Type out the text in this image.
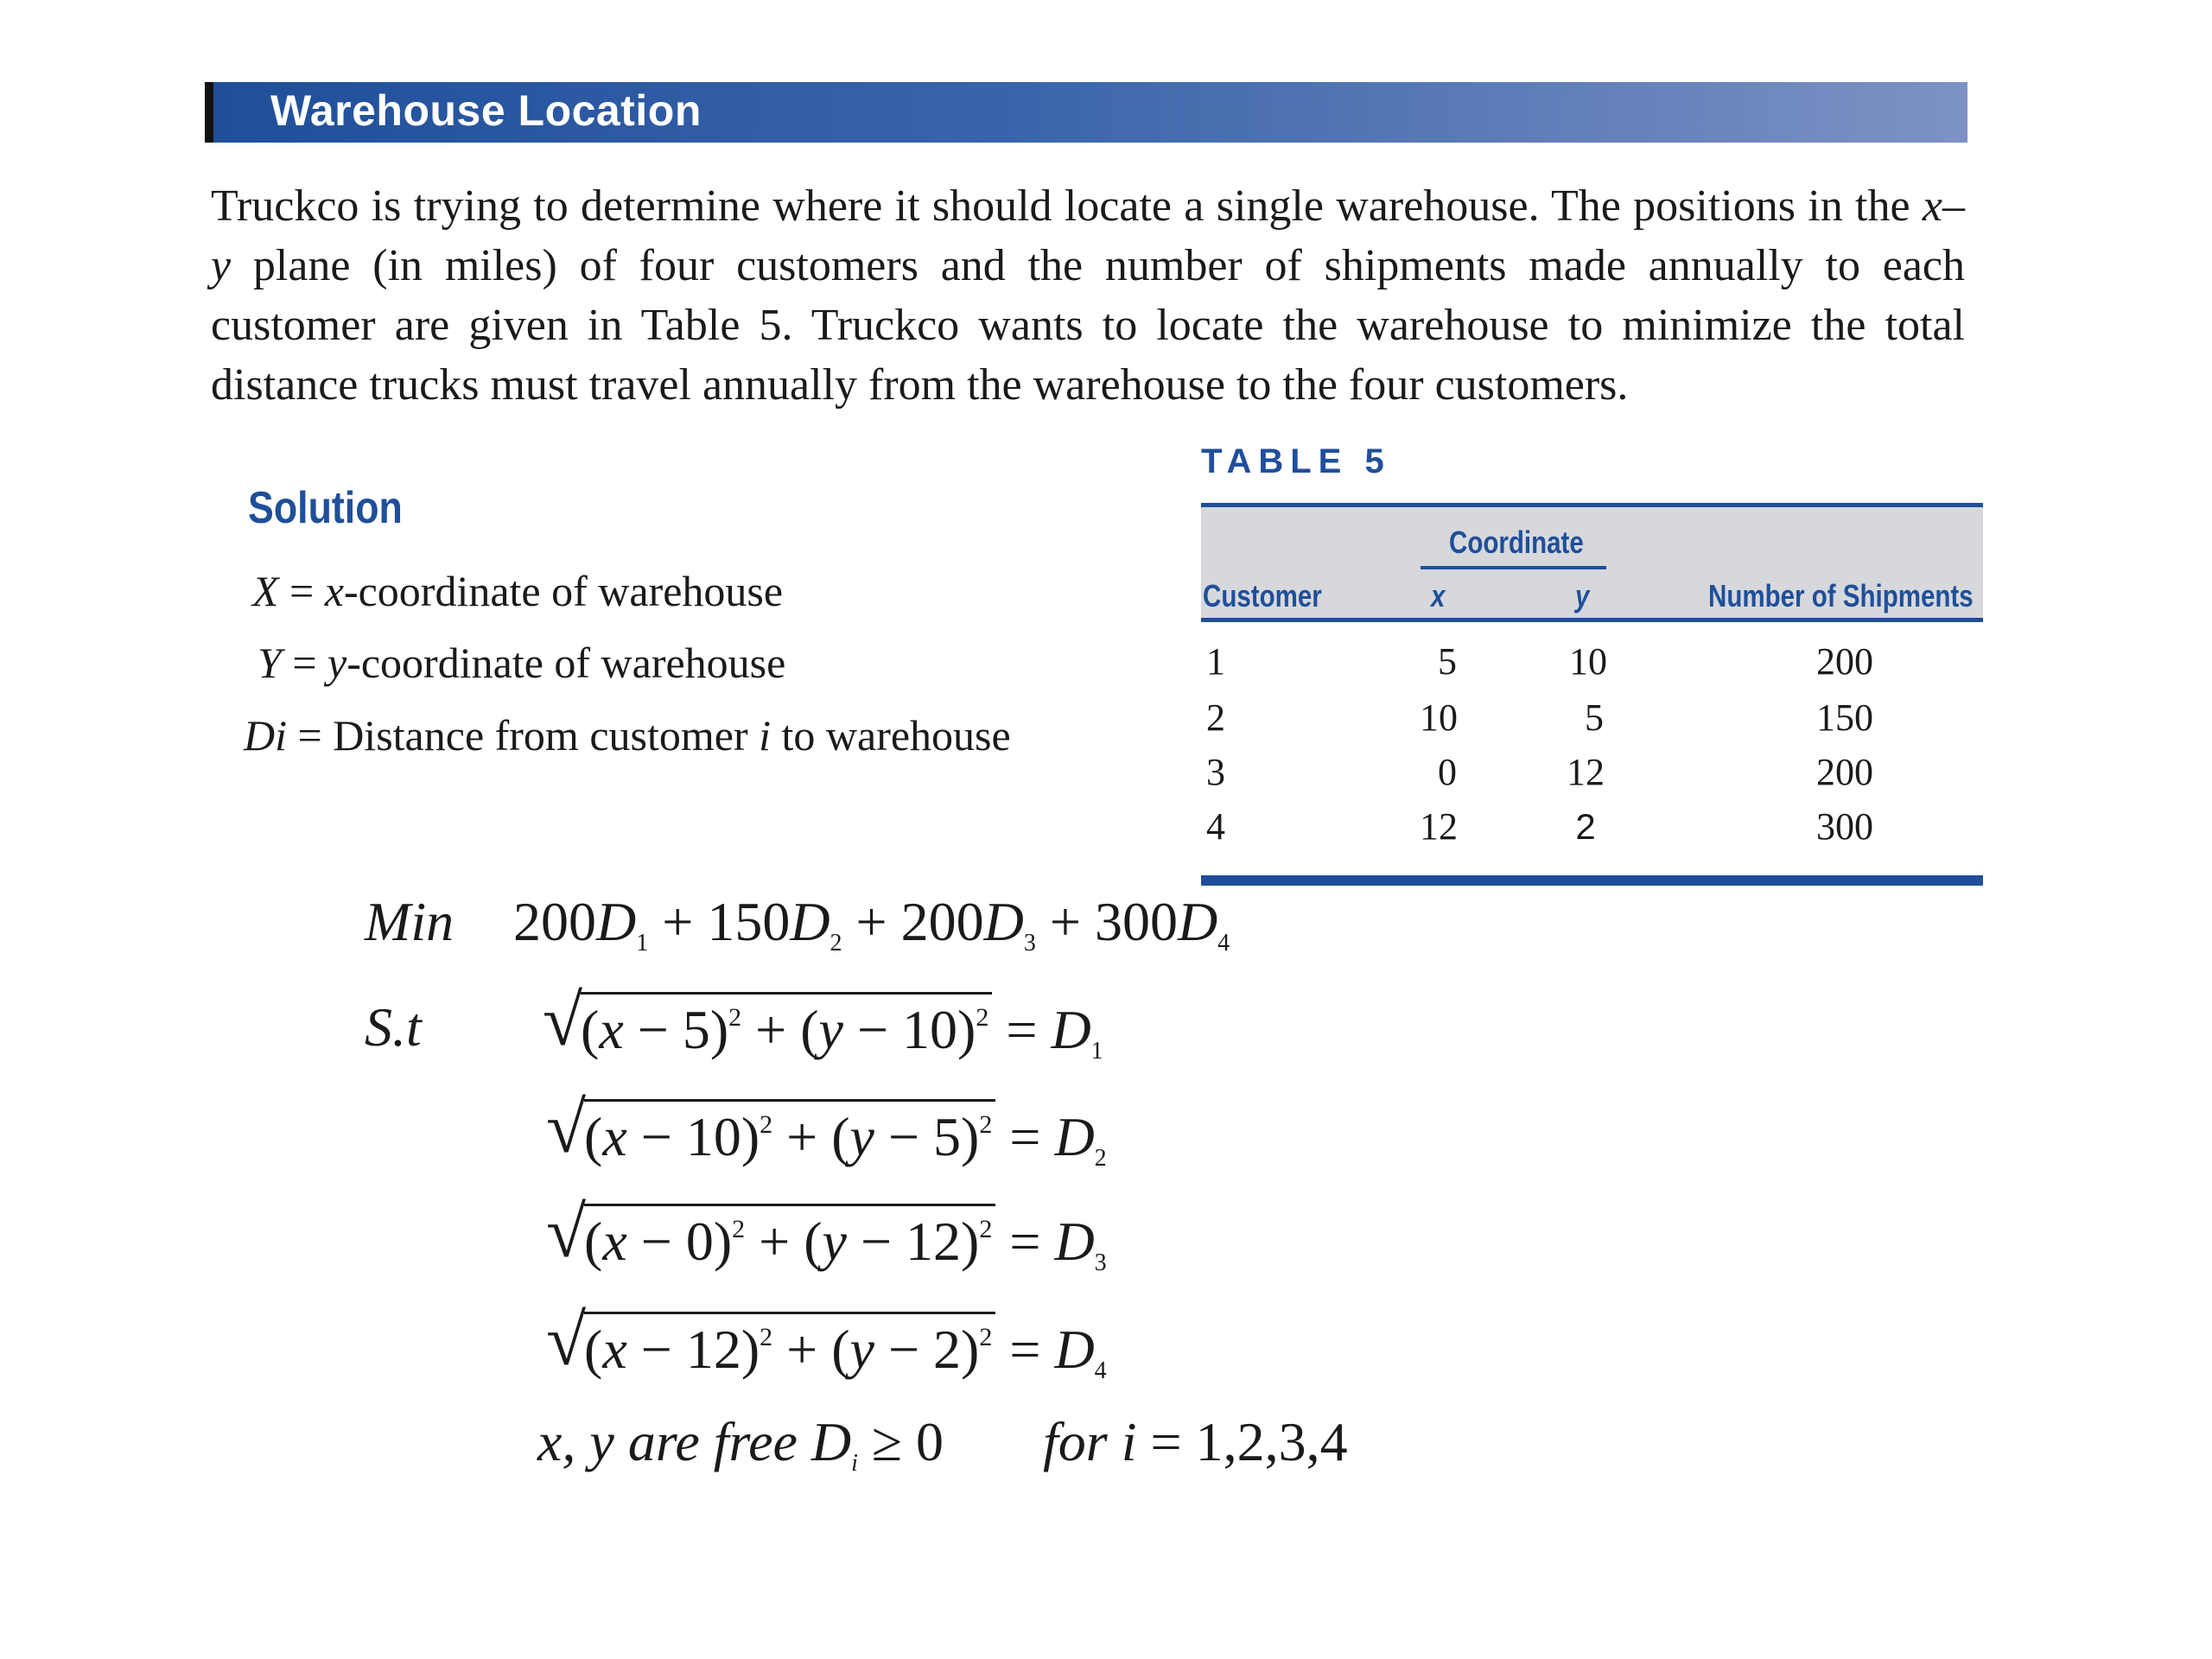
Warehouse Location

Truckco is trying to determine where it should locate a single warehouse. The positions in the x–y plane (in miles) of four customers and the number of shipments made annually to each customer are given in Table 5. Truckco wants to locate the warehouse to minimize the total distance trucks must travel annually from the warehouse to the four customers.

Solution
X = x-coordinate of warehouse
Y = y-coordinate of warehouse
Di = Distance from customer i to warehouse
TABLE 5
Coordinate
Customer	x	y	Number of Shipments
1	5	10	200
2	10	5	150
3	0	12	200
4	12	2	300
Min $200D_1 + 150D_2 + 200D_3 + 300D_4$
S.t √
$(x - 5)^2 + (y - 10)^2 = D_1$
√
$(x - 10)^2 + (y - 5)^2 = D_2$
√
$(x - 0)^2 + (y - 12)^2 = D_3$
√
$(x - 12)^2 + (y - 2)^2 = D_4$
x, y are free $D_i \ge 0$ for i = 1,2,3,4
